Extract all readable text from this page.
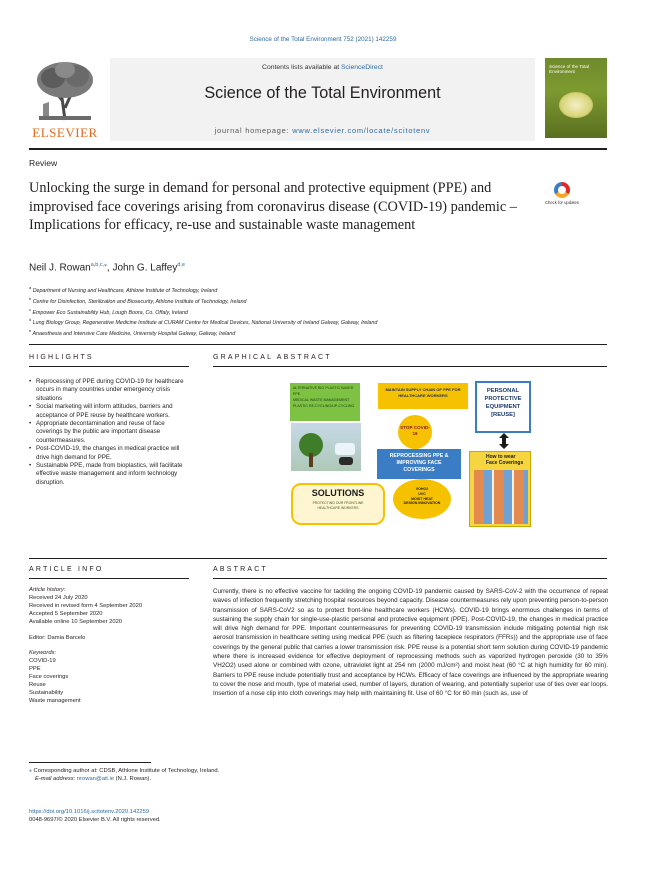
Science of the Total Environment 752 (2021) 142259
ELSEVIER
Contents lists available at ScienceDirect
Science of the Total Environment
journal homepage: www.elsevier.com/locate/scitotenv
Science of the Total Environment
Review
Unlocking the surge in demand for personal and protective equipment (PPE) and improvised face coverings arising from coronavirus disease (COVID-19) pandemic – Implications for efficacy, re-use and sustainable waste management
Check for updates
Neil J. Rowan$^{a,b,c,⁎}$, John G. Laffey$^{d,e}$
$^a$ Department of Nursing and Healthcare, Athlone Institute of Technology, Ireland
$^b$ Centre for Disinfection, Sterilization and Biosecurity, Athlone Institute of Technology, Ireland
$^c$ Empower Eco Sustainability Hub, Lough Boora, Co. Offaly, Ireland
$^d$ Lung Biology Group, Regenerative Medicine Institute at CURAM Centre for Medical Devices, National University of Ireland Galway, Galway, Ireland
$^e$ Anaesthesia and Intensive Care Medicine, University Hospital Galway, Galway, Ireland
HIGHLIGHTS
• Reprocessing of PPE during COVID-19 for healthcare occurs in many countries under emergency crisis situations
• Social marketing will inform attitudes, barriers and acceptance of PPE reuse by healthcare workers.
• Appropriate decontamination and reuse of face coverings by the public are important disease countermeasures.
• Post-COVID-19, the changes in medical practice will drive high demand for PPE.
• Sustainable PPE, made from bioplastics, will facilitate effective waste management and inform technology disruption.
GRAPHICAL ABSTRACT
ALTERNATIVE BIO PLASTIC BASED PPE
MEDICAL WASTE MANAGEMENT
PLASTIC RE-CYCLING/UP-CYCLING
MAINTAIN SUPPLY CHAIN OF PPE FOR HEALTHCARE WORKERS
PERSONAL PROTECTIVE EQUIPMENT [REUSE]
STOP COVID-19
REPROCESSING PPE & IMPROVING FACE COVERINGS
SOLUTIONS
PROTECTING OUR FRONTLINE HEALTHCARE WORKERS
VOHO2
UVC
MOIST HEAT
DESIGN INNOVATION
How to wear Face Coverings
ARTICLE INFO
Article history:
Received 24 July 2020
Received in revised form 4 September 2020
Accepted 5 September 2020
Available online 10 September 2020
Editor: Damia Barcelo
Keywords:
COVID-19
PPE
Face coverings
Reuse
Sustainability
Waste management
ABSTRACT
Currently, there is no effective vaccine for tackling the ongoing COVID-19 pandemic caused by SARS-CoV-2 with the occurrence of repeat waves of infection frequently stretching hospital resources beyond capacity. Disease countermeasures rely upon preventing person-to-person transmission of SARS-CoV2 so as to protect front-line healthcare workers (HCWs). COVID-19 brings enormous challenges in terms of sustaining the supply chain for single-use-plastic personal and protective equipment (PPE). Post-COVID-19, the changes in medical practice will drive high demand for PPE. Important countermeasures for preventing COVID-19 transmission include mitigating potential high risk aerosol transmission in healthcare setting using medical PPE (such as filtering facepiece respirators (FFRs)) and the appropriate use of face coverings by the general public that carries a lower transmission risk. PPE reuse is a potential short term solution during COVID-19 pandemic where there is increased evidence for effective deployment of reprocessing methods such as vaporized hydrogen peroxide (30 to 35% VH2O2) used alone or combined with ozone, ultraviolet light at 254 nm (2000 mJ/cm²) and moist heat (60 °C at high humidity for 60 min). Barriers to PPE reuse include potentially trust and acceptance by HCWs. Efficacy of face coverings are influenced by the appropriate wearing to cover the nose and mouth, type of material used, number of layers, duration of wearing, and potentially superior use of ties over ear loops. Insertion of a nose clip into cloth coverings may help with maintaining fit. Use of 60 °C for 60 min (such as, use of
⁎ Corresponding author at: CDSB, Athlone Institute of Technology, Ireland.
E-mail address: nrowan@ait.ie (N.J. Rowan).
https://doi.org/10.1016/j.scitotenv.2020.142259
0048-9697/© 2020 Elsevier B.V. All rights reserved.
